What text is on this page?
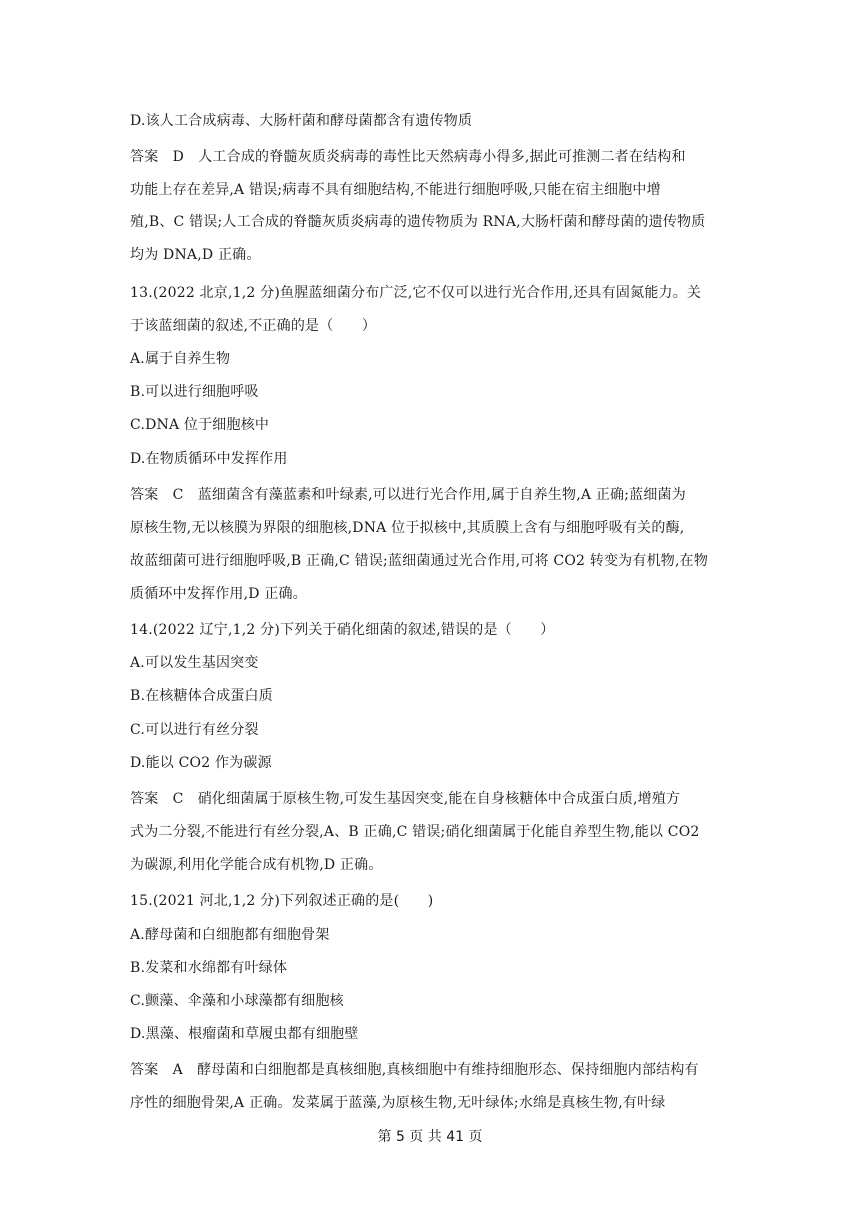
D.该人工合成病毒、大肠杆菌和酵母菌都含有遗传物质
答案　D　人工合成的脊髓灰质炎病毒的毒性比天然病毒小得多,据此可推测二者在结构和
功能上存在差异,A 错误;病毒不具有细胞结构,不能进行细胞呼吸,只能在宿主细胞中增
殖,B、C 错误;人工合成的脊髓灰质炎病毒的遗传物质为 RNA,大肠杆菌和酵母菌的遗传物质
均为 DNA,D 正确。
13.(2022 北京,1,2 分)鱼腥蓝细菌分布广泛,它不仅可以进行光合作用,还具有固氮能力。关
于该蓝细菌的叙述,不正确的是（　　）
A.属于自养生物
B.可以进行细胞呼吸
C.DNA 位于细胞核中
D.在物质循环中发挥作用
答案　C　蓝细菌含有藻蓝素和叶绿素,可以进行光合作用,属于自养生物,A 正确;蓝细菌为
原核生物,无以核膜为界限的细胞核,DNA 位于拟核中,其质膜上含有与细胞呼吸有关的酶,
故蓝细菌可进行细胞呼吸,B 正确,C 错误;蓝细菌通过光合作用,可将 CO2 转变为有机物,在物
质循环中发挥作用,D 正确。
14.(2022 辽宁,1,2 分)下列关于硝化细菌的叙述,错误的是（　　）
A.可以发生基因突变
B.在核糖体合成蛋白质
C.可以进行有丝分裂
D.能以 CO2 作为碳源
答案　C　硝化细菌属于原核生物,可发生基因突变,能在自身核糖体中合成蛋白质,增殖方
式为二分裂,不能进行有丝分裂,A、B 正确,C 错误;硝化细菌属于化能自养型生物,能以 CO2
为碳源,利用化学能合成有机物,D 正确。
15.(2021 河北,1,2 分)下列叙述正确的是(　　)
A.酵母菌和白细胞都有细胞骨架
B.发菜和水绵都有叶绿体
C.颤藻、伞藻和小球藻都有细胞核
D.黑藻、根瘤菌和草履虫都有细胞壁
答案　A　酵母菌和白细胞都是真核细胞,真核细胞中有维持细胞形态、保持细胞内部结构有
序性的细胞骨架,A 正确。发菜属于蓝藻,为原核生物,无叶绿体;水绵是真核生物,有叶绿
第 5 页 共 41 页
